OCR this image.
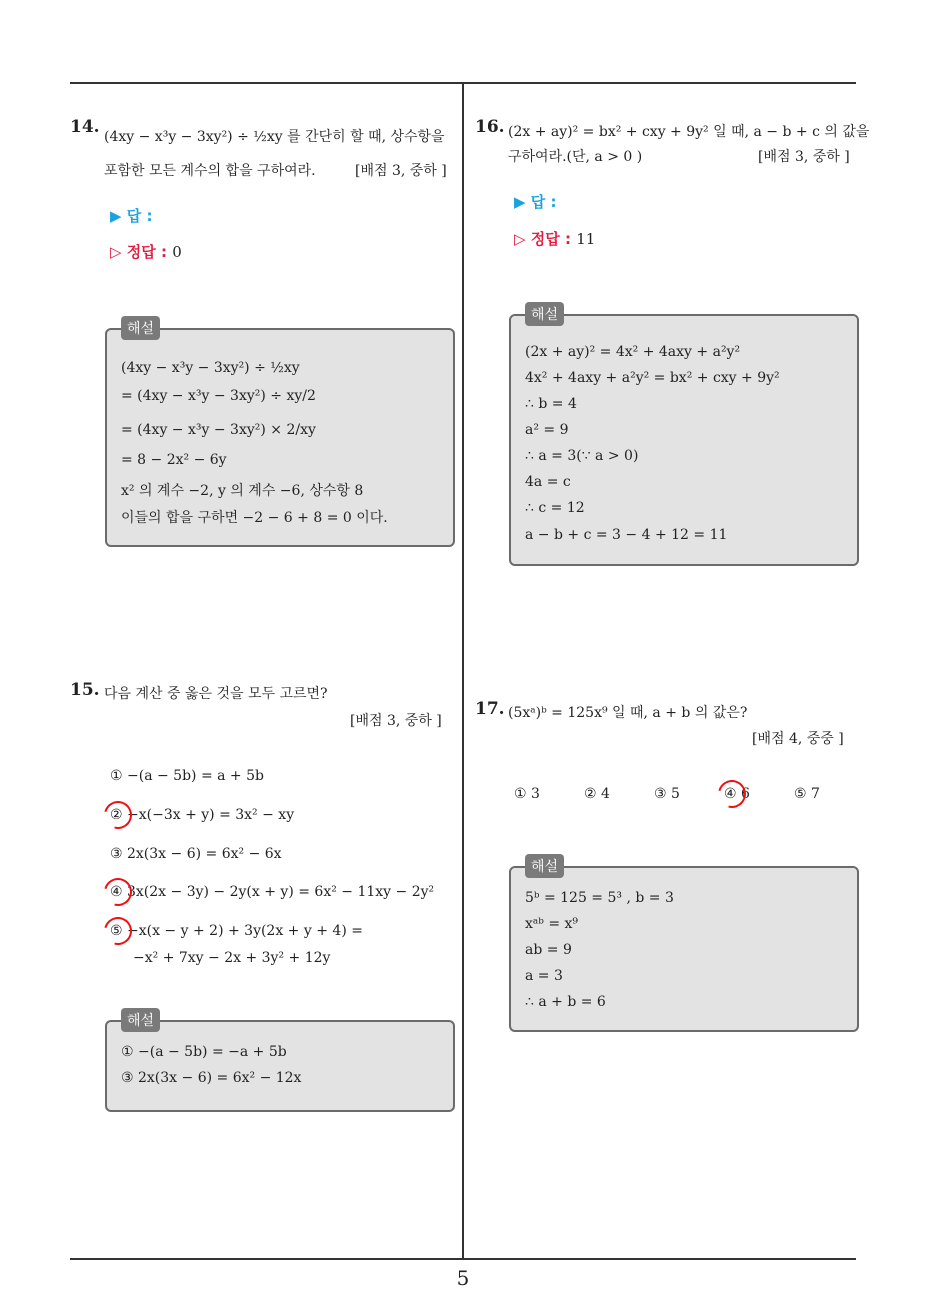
5
14. (4xy − x³y − 3xy²) ÷ ½xy 를 간단히 할 때, 상수항을
포함한 모든 계수의 합을 구하여라.	[배점 3, 중하 ]
▶ 답 :
▷ 정답 : 0
해설
(4xy − x³y − 3xy²) ÷ ½xy
= (4xy − x³y − 3xy²) ÷ xy/2
= (4xy − x³y − 3xy²) × 2/xy
= 8 − 2x² − 6y
x² 의 계수 −2, y 의 계수 −6, 상수항 8
이들의 합을 구하면 −2 − 6 + 8 = 0 이다.
15. 다음 계산 중 옳은 것을 모두 고르면?
[배점 3, 중하 ]
① −(a − 5b) = a + 5b
② −x(−3x + y) = 3x² − xy
③ 2x(3x − 6) = 6x² − 6x
④ 3x(2x − 3y) − 2y(x + y) = 6x² − 11xy − 2y²
⑤ −x(x − y + 2) + 3y(2x + y + 4) =
−x² + 7xy − 2x + 3y² + 12y
해설
① −(a − 5b) = −a + 5b
③ 2x(3x − 6) = 6x² − 12x
16. (2x + ay)² = bx² + cxy + 9y² 일 때, a − b + c 의 값을
구하여라.(단, a > 0 )	[배점 3, 중하 ]
▶ 답 :
▷ 정답 : 11
해설
(2x + ay)² = 4x² + 4axy + a²y²
4x² + 4axy + a²y² = bx² + cxy + 9y²
∴ b = 4
a² = 9
∴ a = 3(∵ a > 0)
4a = c
∴ c = 12
a − b + c = 3 − 4 + 12 = 11
17. (5xᵃ)ᵇ = 125x⁹ 일 때, a + b 의 값은?
[배점 4, 중중 ]
① 3	② 4	③ 5	④ 6	⑤ 7
해설
5ᵇ = 125 = 5³ , b = 3
xᵃᵇ = x⁹
ab = 9
a = 3
∴ a + b = 6
